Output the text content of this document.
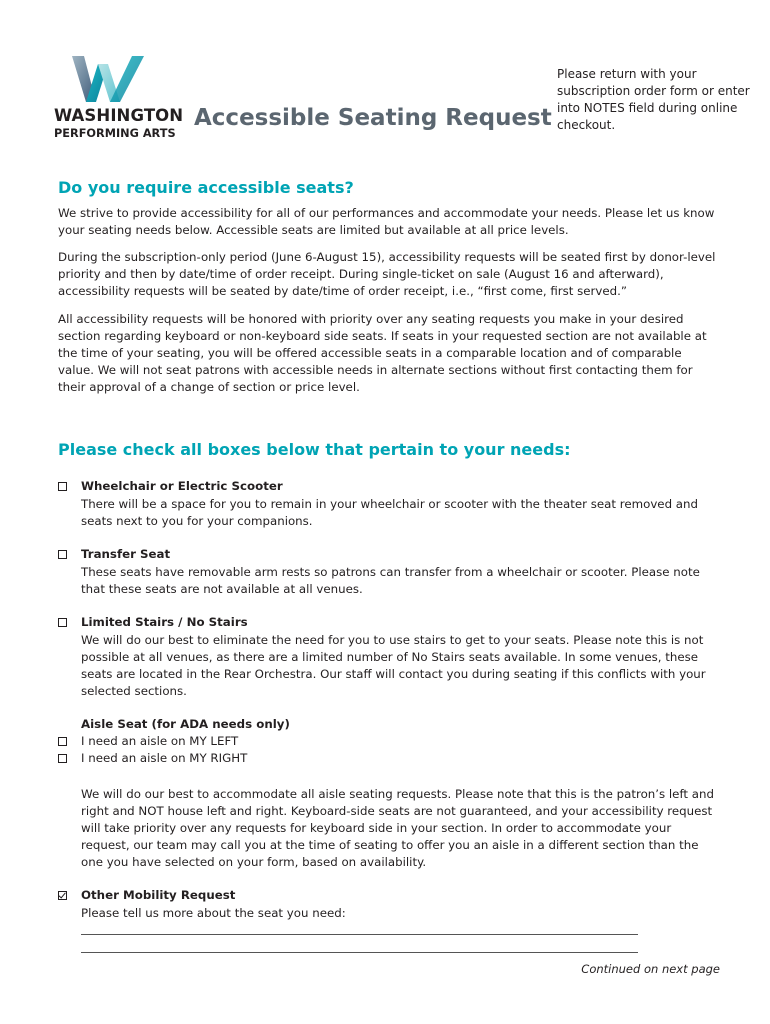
WASHINGTON
PERFORMING ARTS
Accessible Seating Request
Please return with your subscription order form or enter into NOTES field during online checkout.
Do you require accessible seats?

We strive to provide accessibility for all of our performances and accommodate your needs. Please let us know your seating needs below. Accessible seats are limited but available at all price levels.

During the subscription-only period (June 6-August 15), accessibility requests will be seated first by donor-level priority and then by date/time of order receipt. During single-ticket on sale (August 16 and afterward), accessibility requests will be seated by date/time of order receipt, i.e., “first come, first served.”

All accessibility requests will be honored with priority over any seating requests you make in your desired section regarding keyboard or non-keyboard side seats. If seats in your requested section are not available at the time of your seating, you will be offered accessible seats in a comparable location and of comparable value. We will not seat patrons with accessible needs in alternate sections without first contacting them for their approval of a change of section or price level.

Please check all boxes below that pertain to your needs:
Wheelchair or Electric Scooter

There will be a space for you to remain in your wheelchair or scooter with the theater seat removed and seats next to you for your companions.

Transfer Seat

These seats have removable arm rests so patrons can transfer from a wheelchair or scooter. Please note that these seats are not available at all venues.

Limited Stairs / No Stairs

We will do our best to eliminate the need for you to use stairs to get to your seats. Please note this is not possible at all venues, as there are a limited number of No Stairs seats available. In some venues, these seats are located in the Rear Orchestra. Our staff will contact you during seating if this conflicts with your selected sections.

Aisle Seat (for ADA needs only)
I need an aisle on MY LEFT
I need an aisle on MY RIGHT

We will do our best to accommodate all aisle seating requests. Please note that this is the patron’s left and right and NOT house left and right. Keyboard-side seats are not guaranteed, and your accessibility request will take priority over any requests for keyboard side in your section. In order to accommodate your request, our team may call you at the time of seating to offer you an aisle in a different section than the one you have selected on your form, based on availability.

Other Mobility Request

Please tell us more about the seat you need:

Continued on next page
